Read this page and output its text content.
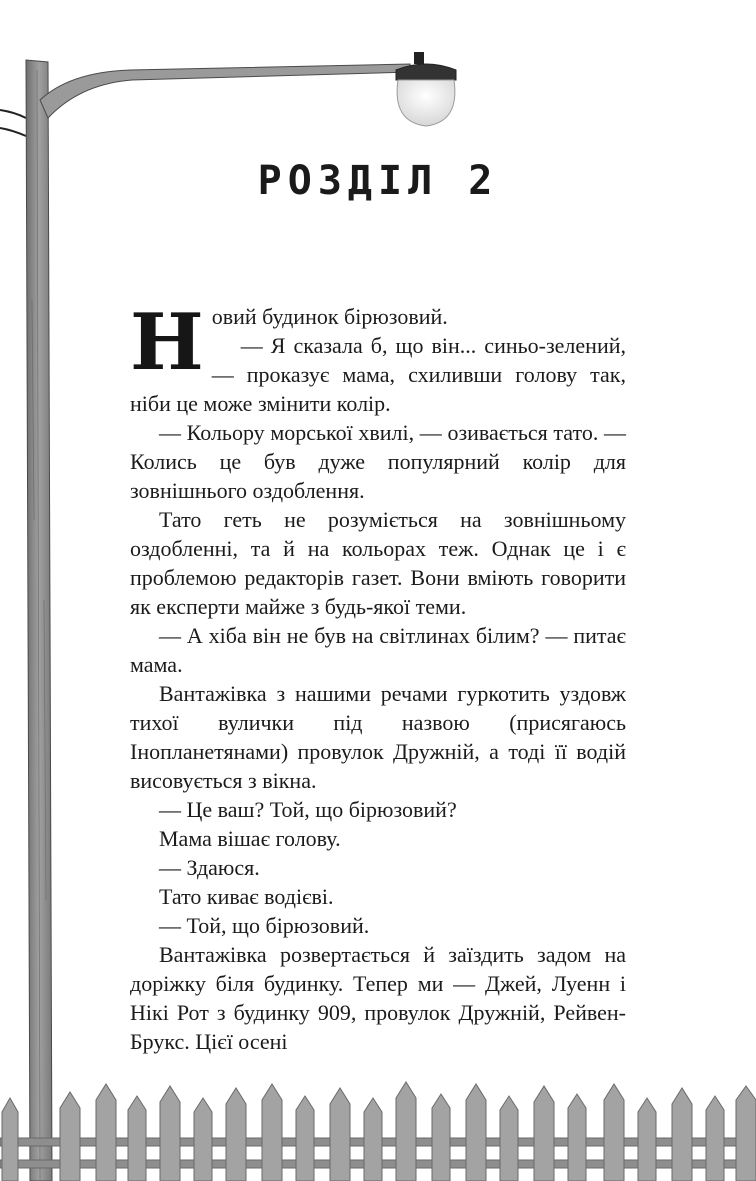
РОЗДІЛ 2

Новий будинок бірюзовий.

— Я сказала б, що він... синьо-зелений, — проказує мама, схиливши голову так, ніби це може змінити колір.

— Кольору морської хвилі, — озивається тато. — Колись це був дуже популярний колір для зовнішнього оздоблення.

Тато геть не розуміється на зовнішньому оздобленні, та й на кольорах теж. Однак це і є проблемою редакторів газет. Вони вміють говорити як експерти майже з будь-якої теми.

— А хіба він не був на світлинах білим? — питає мама.

Вантажівка з нашими речами гуркотить уздовж тихої вулички під назвою (присягаюсь Інопланетянами) провулок Дружній, а тоді її водій висовується з вікна.

— Це ваш? Той, що бірюзовий?

Мама вішає голову.

— Здаюся.

Тато киває водієві.

— Той, що бірюзовий.

Вантажівка розвертається й заїздить задом на доріжку біля будинку. Тепер ми — Джей, Луенн і Нікі Рот з будинку 909, провулок Дружній, Рейвен-Брукс. Цієї осені
